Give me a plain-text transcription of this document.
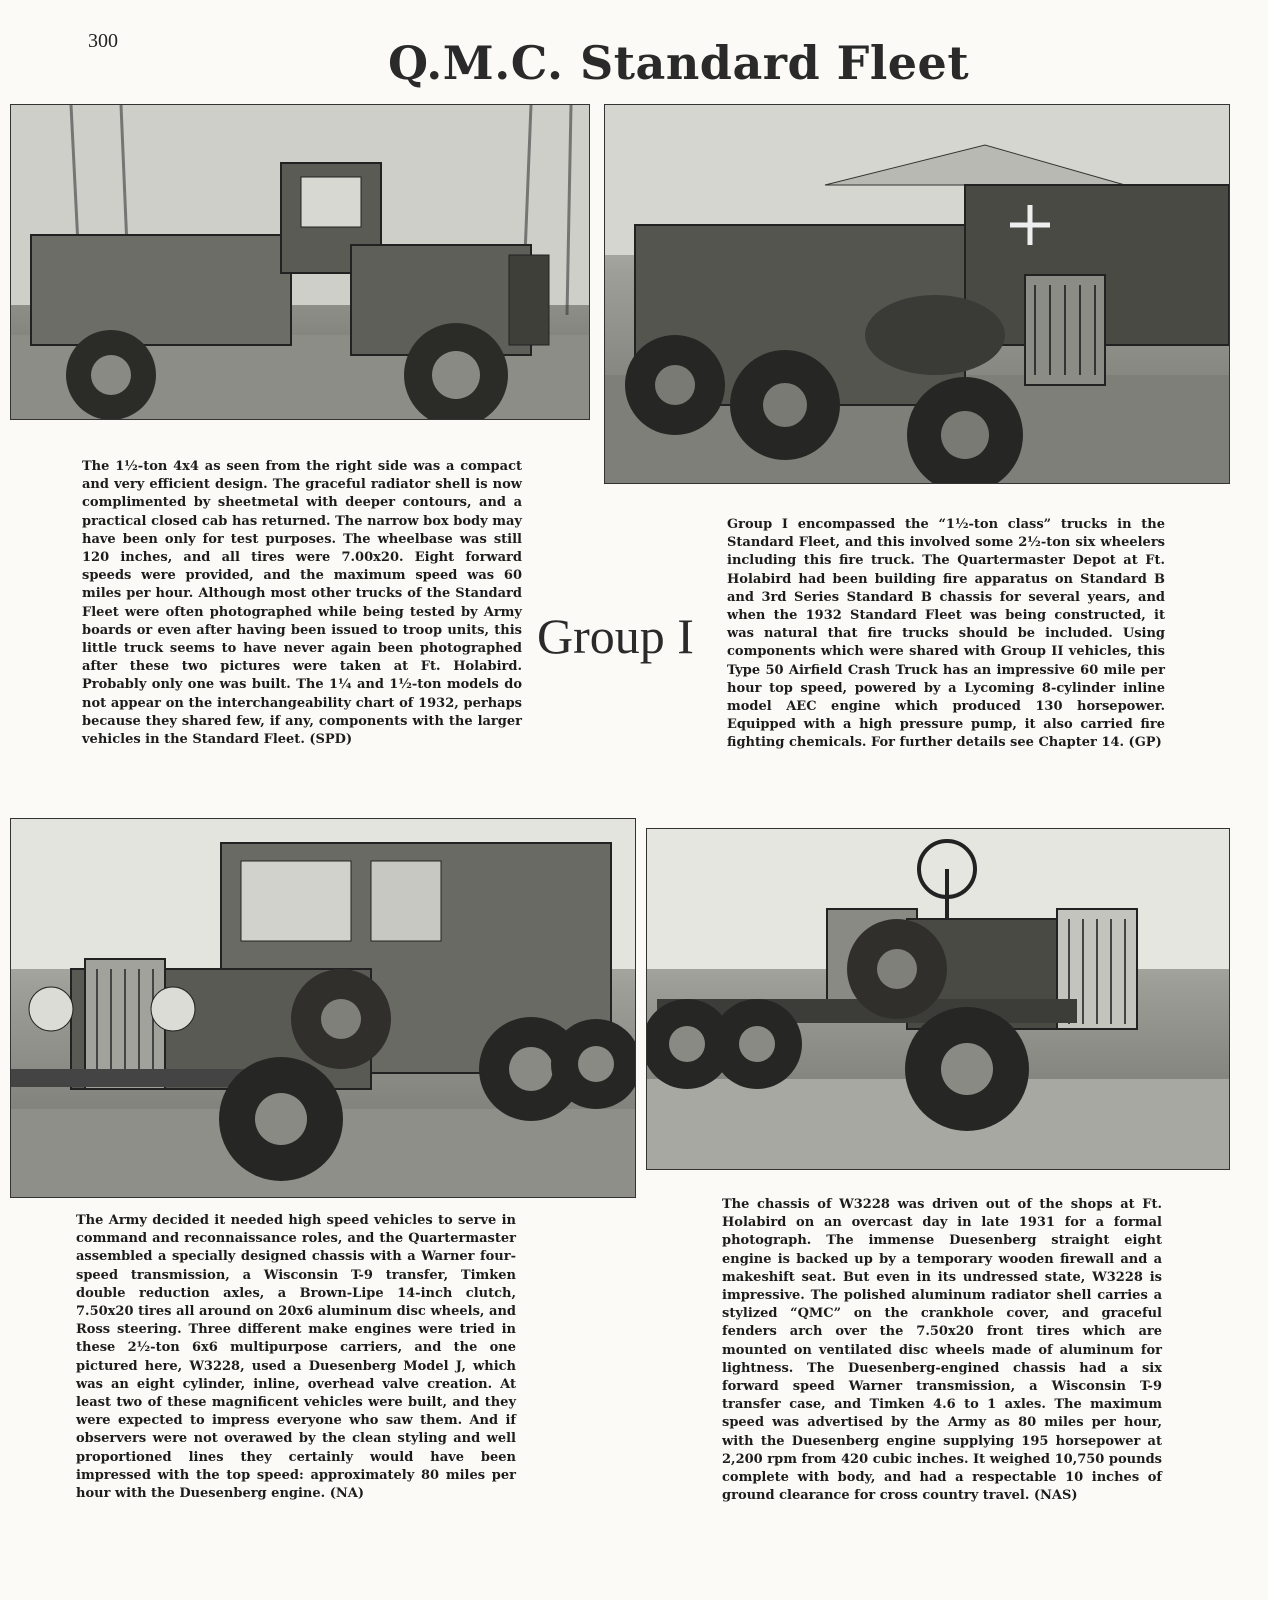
300	Q.M.C. Standard Fleet

The 1½-ton 4x4 as seen from the right side was a compact and very efficient design. The graceful radiator shell is now complimented by sheetmetal with deeper contours, and a practical closed cab has returned. The narrow box body may have been only for test purposes. The wheelbase was still 120 inches, and all tires were 7.00x20. Eight forward speeds were provided, and the maximum speed was 60 miles per hour. Although most other trucks of the Standard Fleet were often photographed while being tested by Army boards or even after having been issued to troop units, this little truck seems to have never again been photographed after these two pictures were taken at Ft. Holabird. Probably only one was built. The 1¼ and 1½-ton models do not appear on the interchangeability chart of 1932, perhaps because they shared few, if any, components with the larger vehicles in the Standard Fleet. (SPD)

Group I

Group I encompassed the “1½-ton class” trucks in the Standard Fleet, and this involved some 2½-ton six wheelers including this fire truck. The Quartermaster Depot at Ft. Holabird had been building fire apparatus on Standard B and 3rd Series Standard B chassis for several years, and when the 1932 Standard Fleet was being constructed, it was natural that fire trucks should be included. Using components which were shared with Group II vehicles, this Type 50 Airfield Crash Truck has an impressive 60 mile per hour top speed, powered by a Lycoming 8-cylinder inline model AEC engine which produced 130 horsepower. Equipped with a high pressure pump, it also carried fire fighting chemicals. For further details see Chapter 14. (GP)

The Army decided it needed high speed vehicles to serve in command and reconnaissance roles, and the Quartermaster assembled a specially designed chassis with a Warner four-speed transmission, a Wisconsin T-9 transfer, Timken double reduction axles, a Brown-Lipe 14-inch clutch, 7.50x20 tires all around on 20x6 aluminum disc wheels, and Ross steering. Three different make engines were tried in these 2½-ton 6x6 multipurpose carriers, and the one pictured here, W3228, used a Duesenberg Model J, which was an eight cylinder, inline, overhead valve creation. At least two of these magnificent vehicles were built, and they were expected to impress everyone who saw them. And if observers were not overawed by the clean styling and well proportioned lines they certainly would have been impressed with the top speed: approximately 80 miles per hour with the Duesenberg engine. (NA)

The chassis of W3228 was driven out of the shops at Ft. Holabird on an overcast day in late 1931 for a formal photograph. The immense Duesenberg straight eight engine is backed up by a temporary wooden firewall and a makeshift seat. But even in its undressed state, W3228 is impressive. The polished aluminum radiator shell carries a stylized “QMC” on the crankhole cover, and graceful fenders arch over the 7.50x20 front tires which are mounted on ventilated disc wheels made of aluminum for lightness. The Duesenberg-engined chassis had a six forward speed Warner transmission, a Wisconsin T-9 transfer case, and Timken 4.6 to 1 axles. The maximum speed was advertised by the Army as 80 miles per hour, with the Duesenberg engine supplying 195 horsepower at 2,200 rpm from 420 cubic inches. It weighed 10,750 pounds complete with body, and had a respectable 10 inches of ground clearance for cross country travel. (NAS)
